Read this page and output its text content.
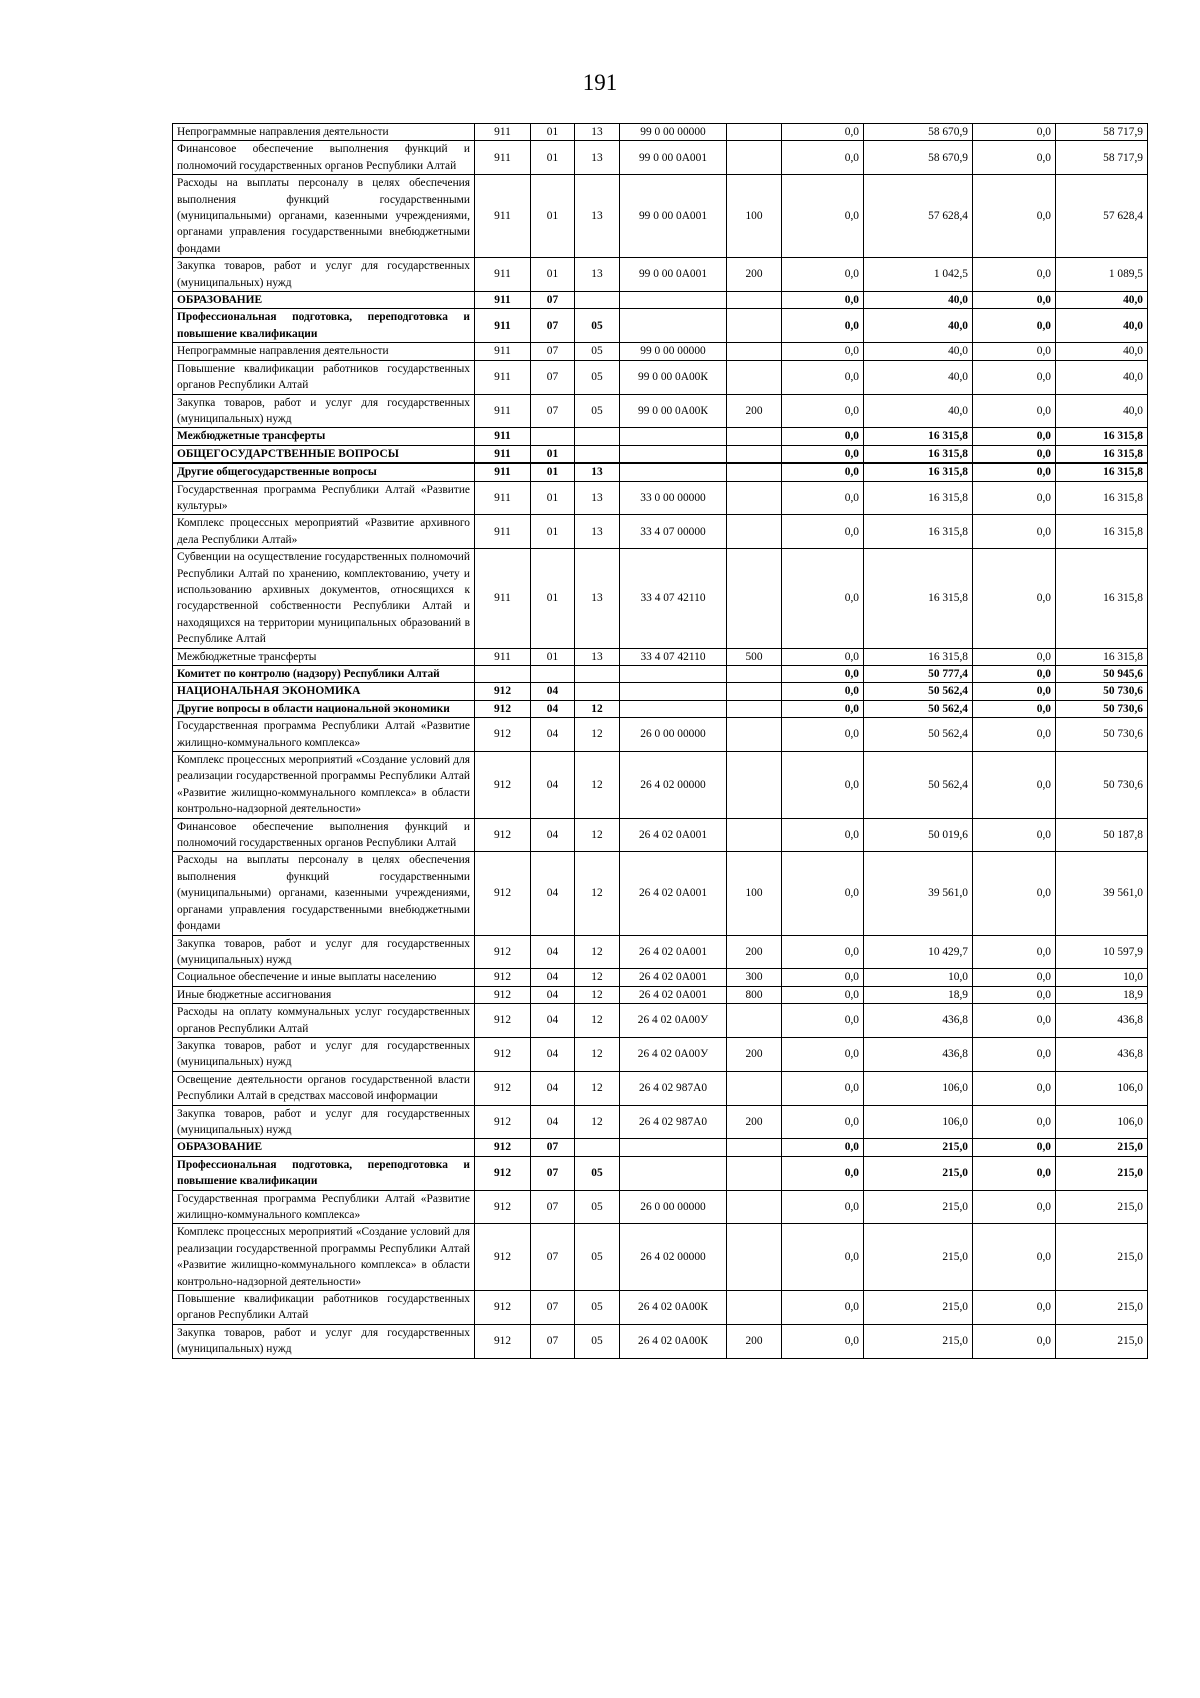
191
Непрограммные направления деятельности	911	01	13	99 0 00 00000		0,0	58 670,9	0,0	58 717,9
Финансовое обеспечение выполнения функций и полномочий государственных органов Республики Алтай	911	01	13	99 0 00 0А001		0,0	58 670,9	0,0	58 717,9
Расходы на выплаты персоналу в целях обеспечения выполнения функций государственными (муниципальными) органами, казенными учреждениями, органами управления государственными внебюджетными фондами	911	01	13	99 0 00 0А001	100	0,0	57 628,4	0,0	57 628,4
Закупка товаров, работ и услуг для государственных (муниципальных) нужд	911	01	13	99 0 00 0А001	200	0,0	1 042,5	0,0	1 089,5
ОБРАЗОВАНИЕ	911	07				0,0	40,0	0,0	40,0
Профессиональная подготовка, переподготовка и повышение квалификации	911	07	05			0,0	40,0	0,0	40,0
Непрограммные направления деятельности	911	07	05	99 0 00 00000		0,0	40,0	0,0	40,0
Повышение квалификации работников государственных органов Республики Алтай	911	07	05	99 0 00 0А00К		0,0	40,0	0,0	40,0
Закупка товаров, работ и услуг для государственных (муниципальных) нужд	911	07	05	99 0 00 0А00К	200	0,0	40,0	0,0	40,0
Межбюджетные трансферты	911					0,0	16 315,8	0,0	16 315,8
ОБЩЕГОСУДАРСТВЕННЫЕ ВОПРОСЫ	911	01				0,0	16 315,8	0,0	16 315,8
Другие общегосударственные вопросы	911	01	13			0,0	16 315,8	0,0	16 315,8
Государственная программа Республики Алтай «Развитие культуры»	911	01	13	33 0 00 00000		0,0	16 315,8	0,0	16 315,8
Комплекс процессных мероприятий «Развитие архивного дела Республики Алтай»	911	01	13	33 4 07 00000		0,0	16 315,8	0,0	16 315,8
Субвенции на осуществление государственных полномочий Республики Алтай по хранению, комплектованию, учету и использованию архивных документов, относящихся к государственной собственности Республики Алтай и находящихся на территории муниципальных образований в Республике Алтай	911	01	13	33 4 07 42110		0,0	16 315,8	0,0	16 315,8
Межбюджетные трансферты	911	01	13	33 4 07 42110	500	0,0	16 315,8	0,0	16 315,8
Комитет по контролю (надзору) Республики Алтай						0,0	50 777,4	0,0	50 945,6
НАЦИОНАЛЬНАЯ ЭКОНОМИКА	912	04				0,0	50 562,4	0,0	50 730,6
Другие вопросы в области национальной экономики	912	04	12			0,0	50 562,4	0,0	50 730,6
Государственная программа Республики Алтай «Развитие жилищно-коммунального комплекса»	912	04	12	26 0 00 00000		0,0	50 562,4	0,0	50 730,6
Комплекс процессных мероприятий «Создание условий для реализации государственной программы Республики Алтай «Развитие жилищно-коммунального комплекса» в области контрольно-надзорной деятельности»	912	04	12	26 4 02 00000		0,0	50 562,4	0,0	50 730,6
Финансовое обеспечение выполнения функций и полномочий государственных органов Республики Алтай	912	04	12	26 4 02 0А001		0,0	50 019,6	0,0	50 187,8
Расходы на выплаты персоналу в целях обеспечения выполнения функций государственными (муниципальными) органами, казенными учреждениями, органами управления государственными внебюджетными фондами	912	04	12	26 4 02 0А001	100	0,0	39 561,0	0,0	39 561,0
Закупка товаров, работ и услуг для государственных (муниципальных) нужд	912	04	12	26 4 02 0А001	200	0,0	10 429,7	0,0	10 597,9
Социальное обеспечение и иные выплаты населению	912	04	12	26 4 02 0А001	300	0,0	10,0	0,0	10,0
Иные бюджетные ассигнования	912	04	12	26 4 02 0А001	800	0,0	18,9	0,0	18,9
Расходы на оплату коммунальных услуг государственных органов Республики Алтай	912	04	12	26 4 02 0А00У		0,0	436,8	0,0	436,8
Закупка товаров, работ и услуг для государственных (муниципальных) нужд	912	04	12	26 4 02 0А00У	200	0,0	436,8	0,0	436,8
Освещение деятельности органов государственной власти Республики Алтай в средствах массовой информации	912	04	12	26 4 02 987А0		0,0	106,0	0,0	106,0
Закупка товаров, работ и услуг для государственных (муниципальных) нужд	912	04	12	26 4 02 987А0	200	0,0	106,0	0,0	106,0
ОБРАЗОВАНИЕ	912	07				0,0	215,0	0,0	215,0
Профессиональная подготовка, переподготовка и повышение квалификации	912	07	05			0,0	215,0	0,0	215,0
Государственная программа Республики Алтай «Развитие жилищно-коммунального комплекса»	912	07	05	26 0 00 00000		0,0	215,0	0,0	215,0
Комплекс процессных мероприятий «Создание условий для реализации государственной программы Республики Алтай «Развитие жилищно-коммунального комплекса» в области контрольно-надзорной деятельности»	912	07	05	26 4 02 00000		0,0	215,0	0,0	215,0
Повышение квалификации работников государственных органов Республики Алтай	912	07	05	26 4 02 0А00К		0,0	215,0	0,0	215,0
Закупка товаров, работ и услуг для государственных (муниципальных) нужд	912	07	05	26 4 02 0А00К	200	0,0	215,0	0,0	215,0
